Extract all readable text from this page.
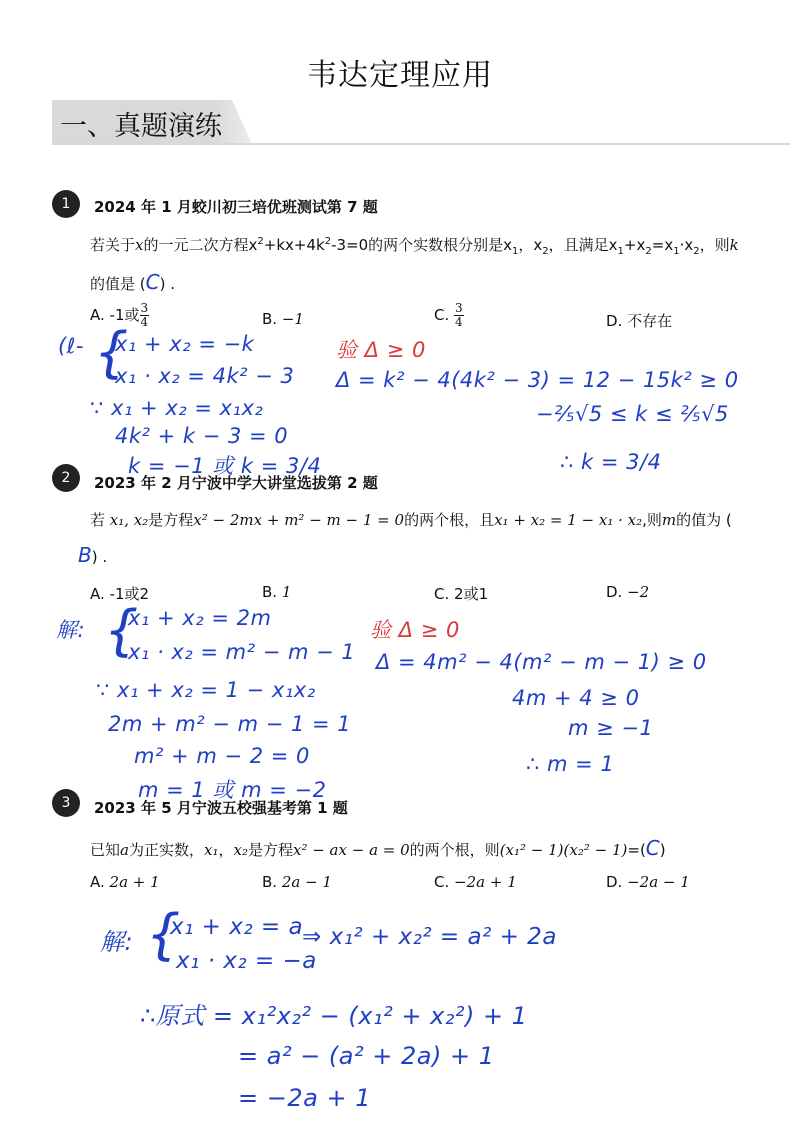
韦达定理应用
一、真题演练
1	2024 年 1 月蛟川初三培优班测试第 7 题
若关于x的一元二次方程$x^2+kx+4k^2-3=0$的两个实数根分别是$x_1$，$x_2$，且满足$x_1+x_2=x_1\cdot x_2$，则k
的值是 (C) .
A. -1或 $\frac{3}{4}$	B. −1	C. $\frac{3}{4}$	D. 不存在
(ℓ‑ {
x₁ + x₂ = −k
x₁ · x₂ = 4k² − 3
∵ x₁ + x₂ = x₁x₂
4k² + k − 3 = 0
k = −1 或 k = 3/4
验 Δ ≥ 0
Δ = k² − 4(4k² − 3) = 12 − 15k² ≥ 0
−⅖√5 ≤ k ≤ ⅖√5
∴ k = 3/4
2	2023 年 2 月宁波中学大讲堂选拔第 2 题
若 x₁, x₂是方程x² − 2mx + m² − m − 1 = 0的两个根，且x₁ + x₂ = 1 − x₁ · x₂,则m的值为 (
B) .
A. -1或2	B. 1	C. 2或1	D. −2
解: {
x₁ + x₂ = 2m
x₁ · x₂ = m² − m − 1
∵ x₁ + x₂ = 1 − x₁x₂
2m + m² − m − 1 = 1
m² + m − 2 = 0
m = 1 或 m = −2
验 Δ ≥ 0
Δ = 4m² − 4(m² − m − 1) ≥ 0
4m + 4 ≥ 0
m ≥ −1
∴ m = 1
3	2023 年 5 月宁波五校强基考第 1 题
已知a为正实数，x₁，x₂是方程x² − ax − a = 0的两个根，则(x₁² − 1)(x₂² − 1)=(C)
A. 2a + 1	B. 2a − 1	C. −2a + 1	D. −2a − 1
解: {
x₁ + x₂ = a
x₁ · x₂ = −a
⇒ x₁² + x₂² = a² + 2a
∴原式 = x₁²x₂² − (x₁² + x₂²) + 1
= a² − (a² + 2a) + 1
= −2a + 1
